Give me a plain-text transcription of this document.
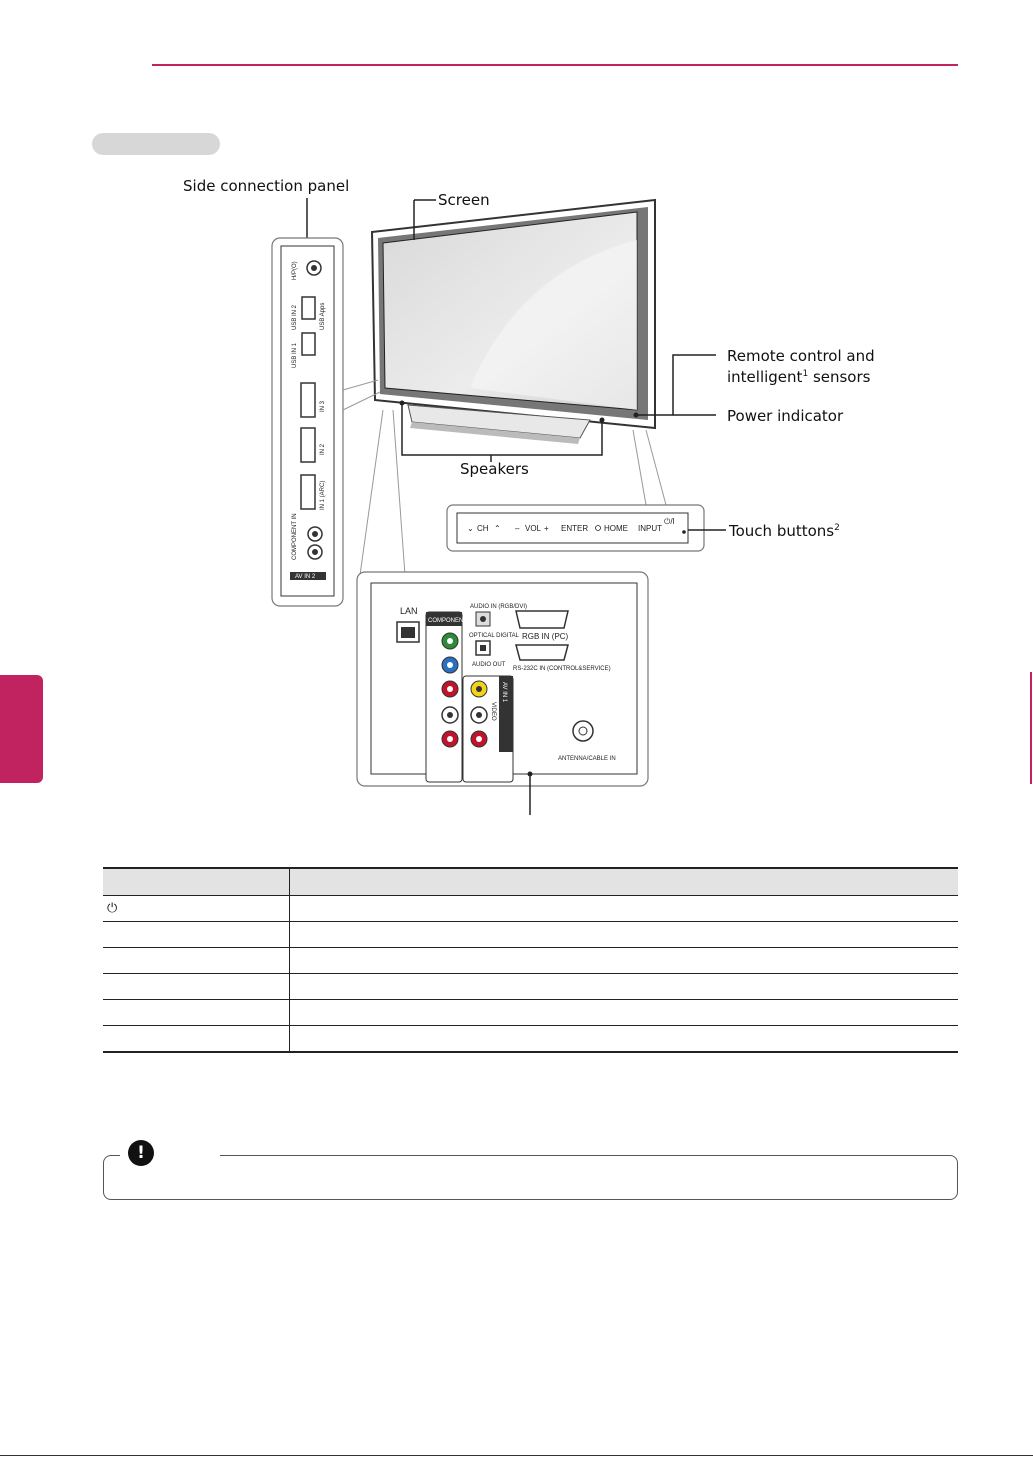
H/P(O)
USB IN 2	USB Apps
USB IN 1
IN 3
IN 2
IN 1 (ARC)
COMPONENT IN
AV IN 2
⌄ CH ⌃ – VOL + ENTER HOME INPUT
⏻/I
LAN
COMPONENT IN
AUDIO IN (RGB/DVI)
OPTICAL DIGITAL
AUDIO OUT
RGB IN (PC)
RS-232C IN (CONTROL&SERVICE)
VIDEO
AV IN 1
ANTENNA/CABLE IN
Side connection panel
Screen
Remote control and
intelligent$^1$ sensors
Power indicator
Speakers
Touch buttons$^2$

⏻	

!
